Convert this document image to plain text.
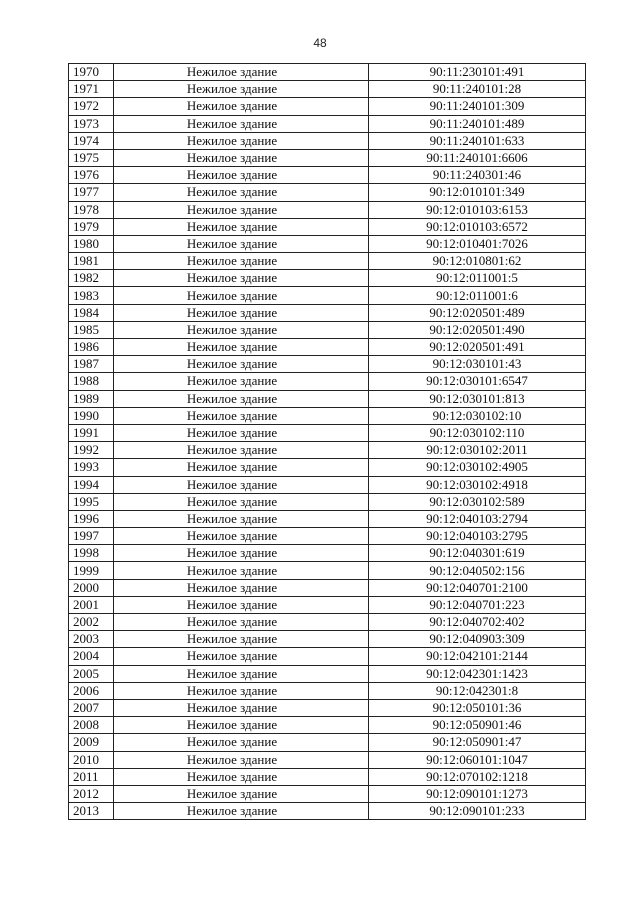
48
1970	Нежилое здание	90:11:230101:491
1971	Нежилое здание	90:11:240101:28
1972	Нежилое здание	90:11:240101:309
1973	Нежилое здание	90:11:240101:489
1974	Нежилое здание	90:11:240101:633
1975	Нежилое здание	90:11:240101:6606
1976	Нежилое здание	90:11:240301:46
1977	Нежилое здание	90:12:010101:349
1978	Нежилое здание	90:12:010103:6153
1979	Нежилое здание	90:12:010103:6572
1980	Нежилое здание	90:12:010401:7026
1981	Нежилое здание	90:12:010801:62
1982	Нежилое здание	90:12:011001:5
1983	Нежилое здание	90:12:011001:6
1984	Нежилое здание	90:12:020501:489
1985	Нежилое здание	90:12:020501:490
1986	Нежилое здание	90:12:020501:491
1987	Нежилое здание	90:12:030101:43
1988	Нежилое здание	90:12:030101:6547
1989	Нежилое здание	90:12:030101:813
1990	Нежилое здание	90:12:030102:10
1991	Нежилое здание	90:12:030102:110
1992	Нежилое здание	90:12:030102:2011
1993	Нежилое здание	90:12:030102:4905
1994	Нежилое здание	90:12:030102:4918
1995	Нежилое здание	90:12:030102:589
1996	Нежилое здание	90:12:040103:2794
1997	Нежилое здание	90:12:040103:2795
1998	Нежилое здание	90:12:040301:619
1999	Нежилое здание	90:12:040502:156
2000	Нежилое здание	90:12:040701:2100
2001	Нежилое здание	90:12:040701:223
2002	Нежилое здание	90:12:040702:402
2003	Нежилое здание	90:12:040903:309
2004	Нежилое здание	90:12:042101:2144
2005	Нежилое здание	90:12:042301:1423
2006	Нежилое здание	90:12:042301:8
2007	Нежилое здание	90:12:050101:36
2008	Нежилое здание	90:12:050901:46
2009	Нежилое здание	90:12:050901:47
2010	Нежилое здание	90:12:060101:1047
2011	Нежилое здание	90:12:070102:1218
2012	Нежилое здание	90:12:090101:1273
2013	Нежилое здание	90:12:090101:233
